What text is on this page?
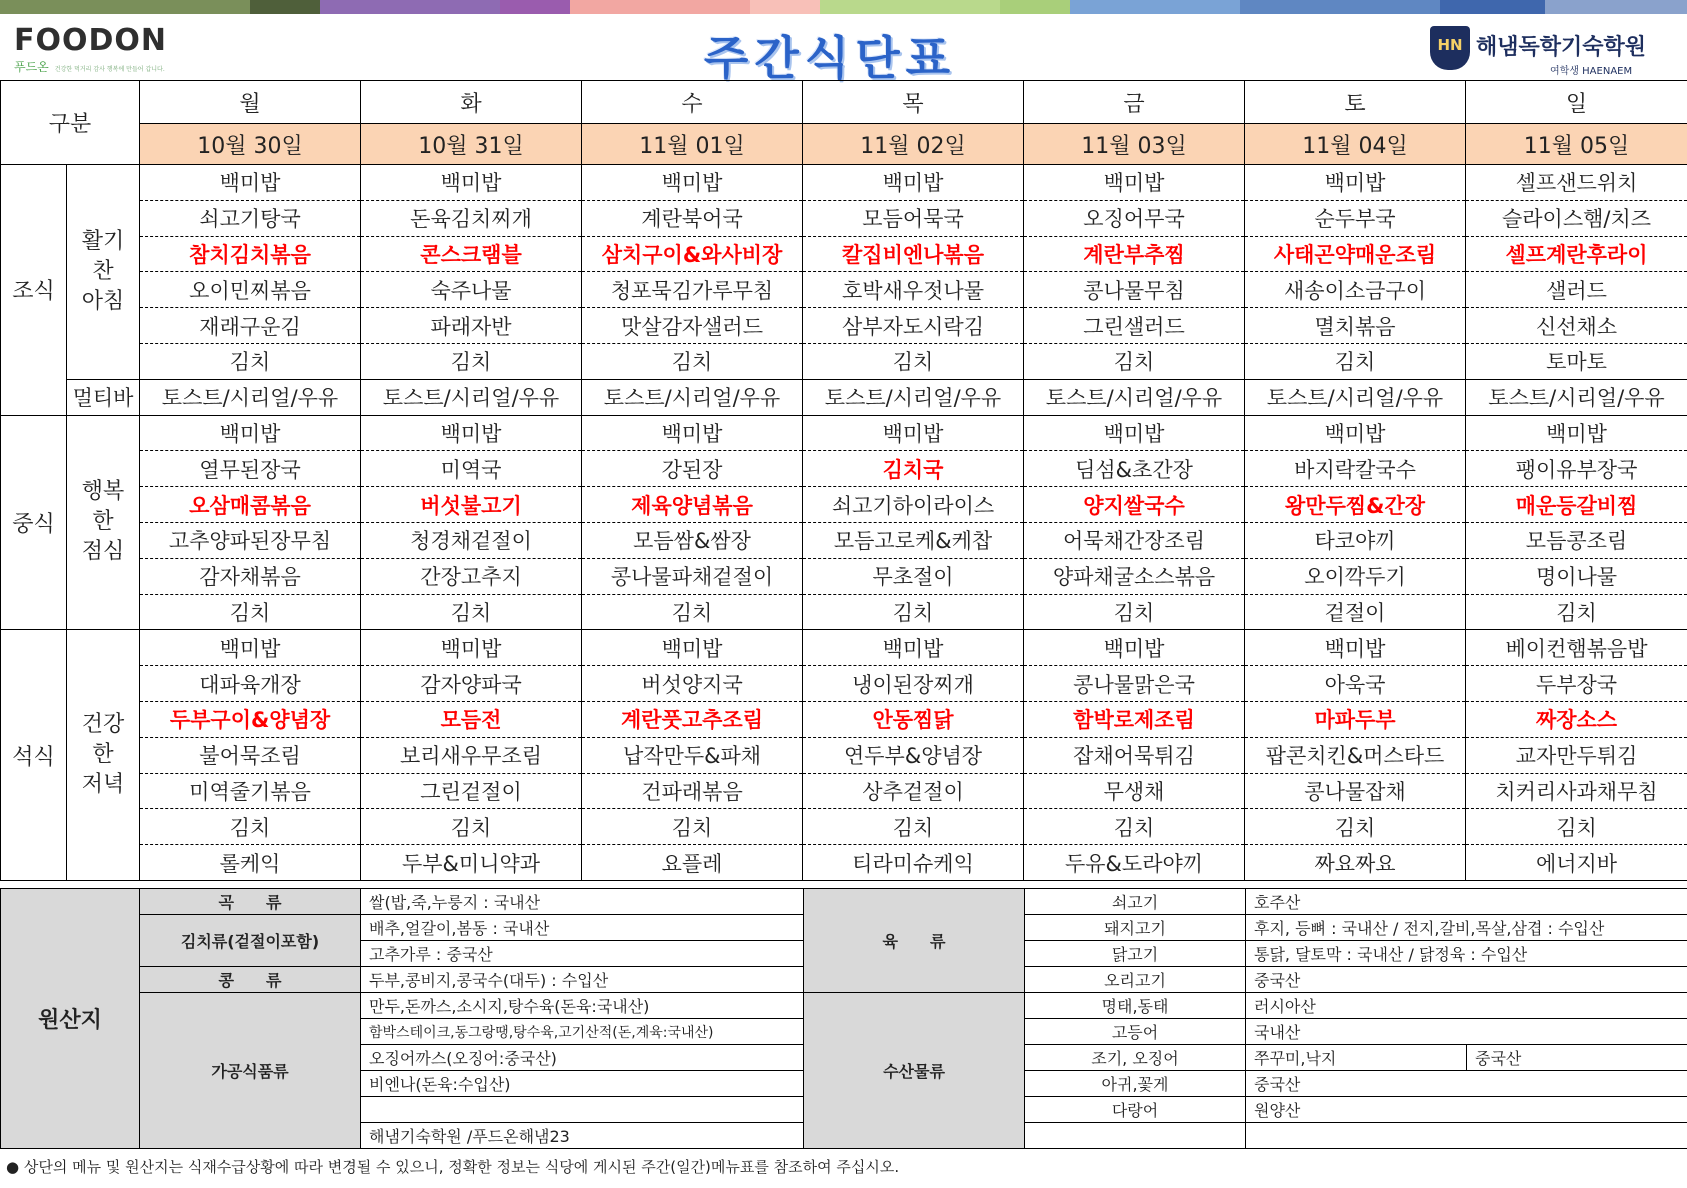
FOODON
푸드온 건강한 먹거리 감사 행복에 만들어 갑니다.	주간식단표	HN 해냄독학기숙학원
여학생 HAENAEM
구분		월	화	수	목	금	토	일
		10월 30일	10월 31일	11월 01일	11월 02일	11월 03일	11월 04일	11월 05일
조식	활기
찬
아침	백미밥	백미밥	백미밥	백미밥	백미밥	백미밥	셀프샌드위치
		쇠고기탕국	돈육김치찌개	계란북어국	모듬어묵국	오징어무국	순두부국	슬라이스햄/치즈
		참치김치볶음	콘스크램블	삼치구이&와사비장	칼집비엔나볶음	계란부추찜	사태곤약매운조림	셀프계란후라이
		오이민찌볶음	숙주나물	청포묵김가루무침	호박새우젓나물	콩나물무침	새송이소금구이	샐러드
		재래구운김	파래자반	맛살감자샐러드	삼부자도시락김	그린샐러드	멸치볶음	신선채소
		김치	김치	김치	김치	김치	김치	토마토
	멀티바	토스트/시리얼/우유	토스트/시리얼/우유	토스트/시리얼/우유	토스트/시리얼/우유	토스트/시리얼/우유	토스트/시리얼/우유	토스트/시리얼/우유
중식	행복
한
점심	백미밥	백미밥	백미밥	백미밥	백미밥	백미밥	백미밥
		열무된장국	미역국	강된장	김치국	딤섬&초간장	바지락칼국수	팽이유부장국
		오삼매콤볶음	버섯불고기	제육양념볶음	쇠고기하이라이스	양지쌀국수	왕만두찜&간장	매운등갈비찜
		고추양파된장무침	청경채겉절이	모듬쌈&쌈장	모듬고로케&케찹	어묵채간장조림	타코야끼	모듬콩조림
		감자채볶음	간장고추지	콩나물파채겉절이	무초절이	양파채굴소스볶음	오이깍두기	명이나물
		김치	김치	김치	김치	김치	겉절이	김치
석식	건강
한
저녁	백미밥	백미밥	백미밥	백미밥	백미밥	백미밥	베이컨햄볶음밥
		대파육개장	감자양파국	버섯양지국	냉이된장찌개	콩나물맑은국	아욱국	두부장국
		두부구이&양념장	모듬전	계란풋고추조림	안동찜닭	함박로제조림	마파두부	짜장소스
		불어묵조림	보리새우무조림	납작만두&파채	연두부&양념장	잡채어묵튀김	팝콘치킨&머스타드	교자만두튀김
		미역줄기볶음	그린겉절이	건파래볶음	상추겉절이	무생채	콩나물잡채	치커리사과채무침
		김치	김치	김치	김치	김치	김치	김치
		롤케익	두부&미니약과	요플레	티라미슈케익	두유&도라야끼	짜요짜요	에너지바
원산지	곡　　류	쌀(밥,죽,누룽지 : 국내산	육　　류	쇠고기	호주산	
	김치류(겉절이포함)	배추,얼갈이,봄동 : 국내산		돼지고기	후지, 등뼈 : 국내산 / 전지,갈비,목살,삼겹 : 수입산	
		고추가루 : 중국산		닭고기	통닭, 달토막 : 국내산 / 닭정육 : 수입산	
	콩　　류	두부,콩비지,콩국수(대두) : 수입산		오리고기	중국산	
	가공식품류	만두,돈까스,소시지,탕수육(돈육:국내산)	수산물류	명태,동태	러시아산	
		함박스테이크,동그랑땡,탕수육,고기산적(돈,계육:국내산)		고등어	국내산	
		오징어까스(오징어:중국산)		조기, 오징어	쭈꾸미,낙지	중국산
		비엔나(돈육:수입산)		아귀,꽃게	중국산	
				다랑어	원양산	
		해냄기숙학원 /푸드온해냄23				
● 상단의 메뉴 및 원산지는 식재수급상황에 따라 변경될 수 있으니, 정확한 정보는 식당에 게시된 주간(일간)메뉴표를 참조하여 주십시오.
